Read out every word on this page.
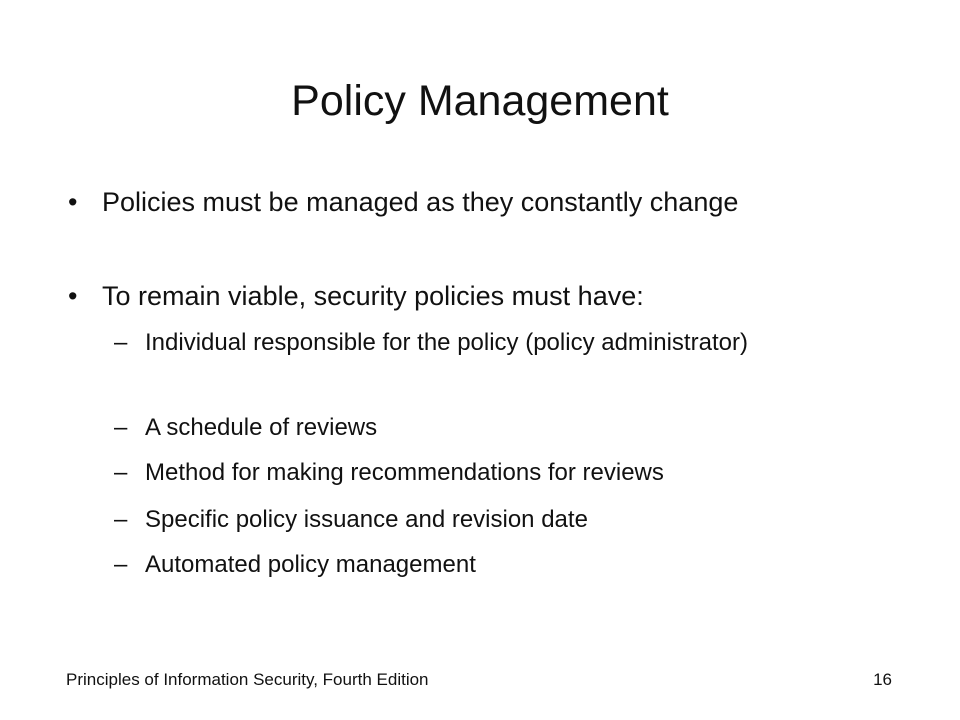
Policy Management
• Policies must be managed as they constantly change
• To remain viable, security policies must have:
– Individual responsible for the policy (policy administrator)
– A schedule of reviews
– Method for making recommendations for reviews
– Specific policy issuance and revision date
– Automated policy management
Principles of Information Security, Fourth Edition	16
